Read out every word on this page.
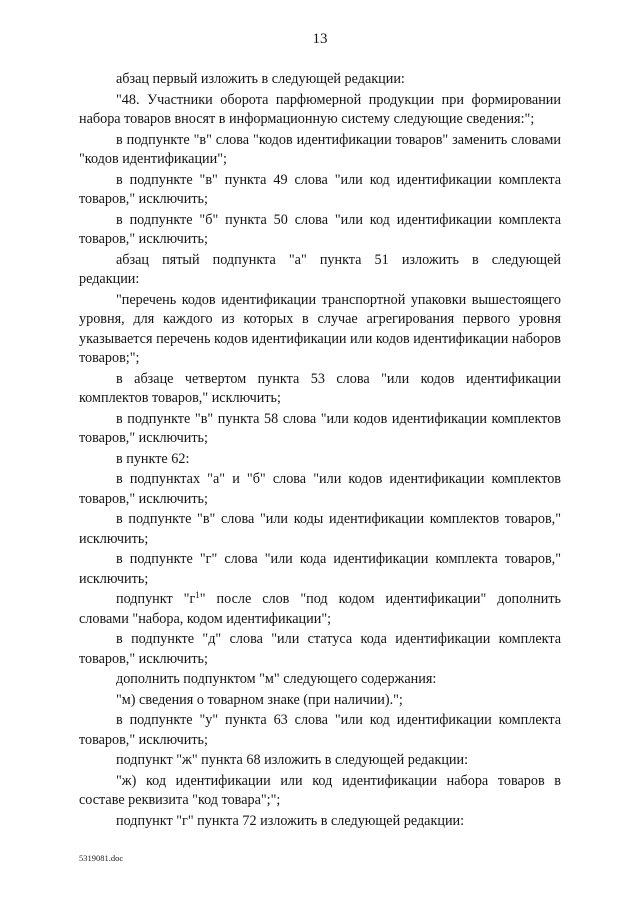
13

абзац первый изложить в следующей редакции:

"48. Участники оборота парфюмерной продукции при формировании набора товаров вносят в информационную систему следующие сведения:";

в подпункте "в" слова "кодов идентификации товаров" заменить словами "кодов идентификации";

в подпункте "в" пункта 49 слова "или код идентификации комплекта товаров," исключить;

в подпункте "б" пункта 50 слова "или код идентификации комплекта товаров," исключить;

абзац пятый подпункта "а" пункта 51 изложить в следующей редакции:

"перечень кодов идентификации транспортной упаковки вышестоящего уровня, для каждого из которых в случае агрегирования первого уровня указывается перечень кодов идентификации или кодов идентификации наборов товаров;";

в абзаце четвертом пункта 53 слова "или кодов идентификации комплектов товаров," исключить;

в подпункте "в" пункта 58 слова "или кодов идентификации комплектов товаров," исключить;

в пункте 62:

в подпунктах "а" и "б" слова "или кодов идентификации комплектов товаров," исключить;

в подпункте "в" слова "или коды идентификации комплектов товаров," исключить;

в подпункте "г" слова "или кода идентификации комплекта товаров," исключить;

подпункт "$г^1$" после слов "под кодом идентификации" дополнить словами "набора, кодом идентификации";

в подпункте "д" слова "или статуса кода идентификации комплекта товаров," исключить;

дополнить подпунктом "м" следующего содержания:

"м) сведения о товарном знаке (при наличии).";

в подпункте "у" пункта 63 слова "или код идентификации комплекта товаров," исключить;

подпункт "ж" пункта 68 изложить в следующей редакции:

"ж) код идентификации или код идентификации набора товаров в составе реквизита "код товара";";

подпункт "г" пункта 72 изложить в следующей редакции:

5319081.doc
